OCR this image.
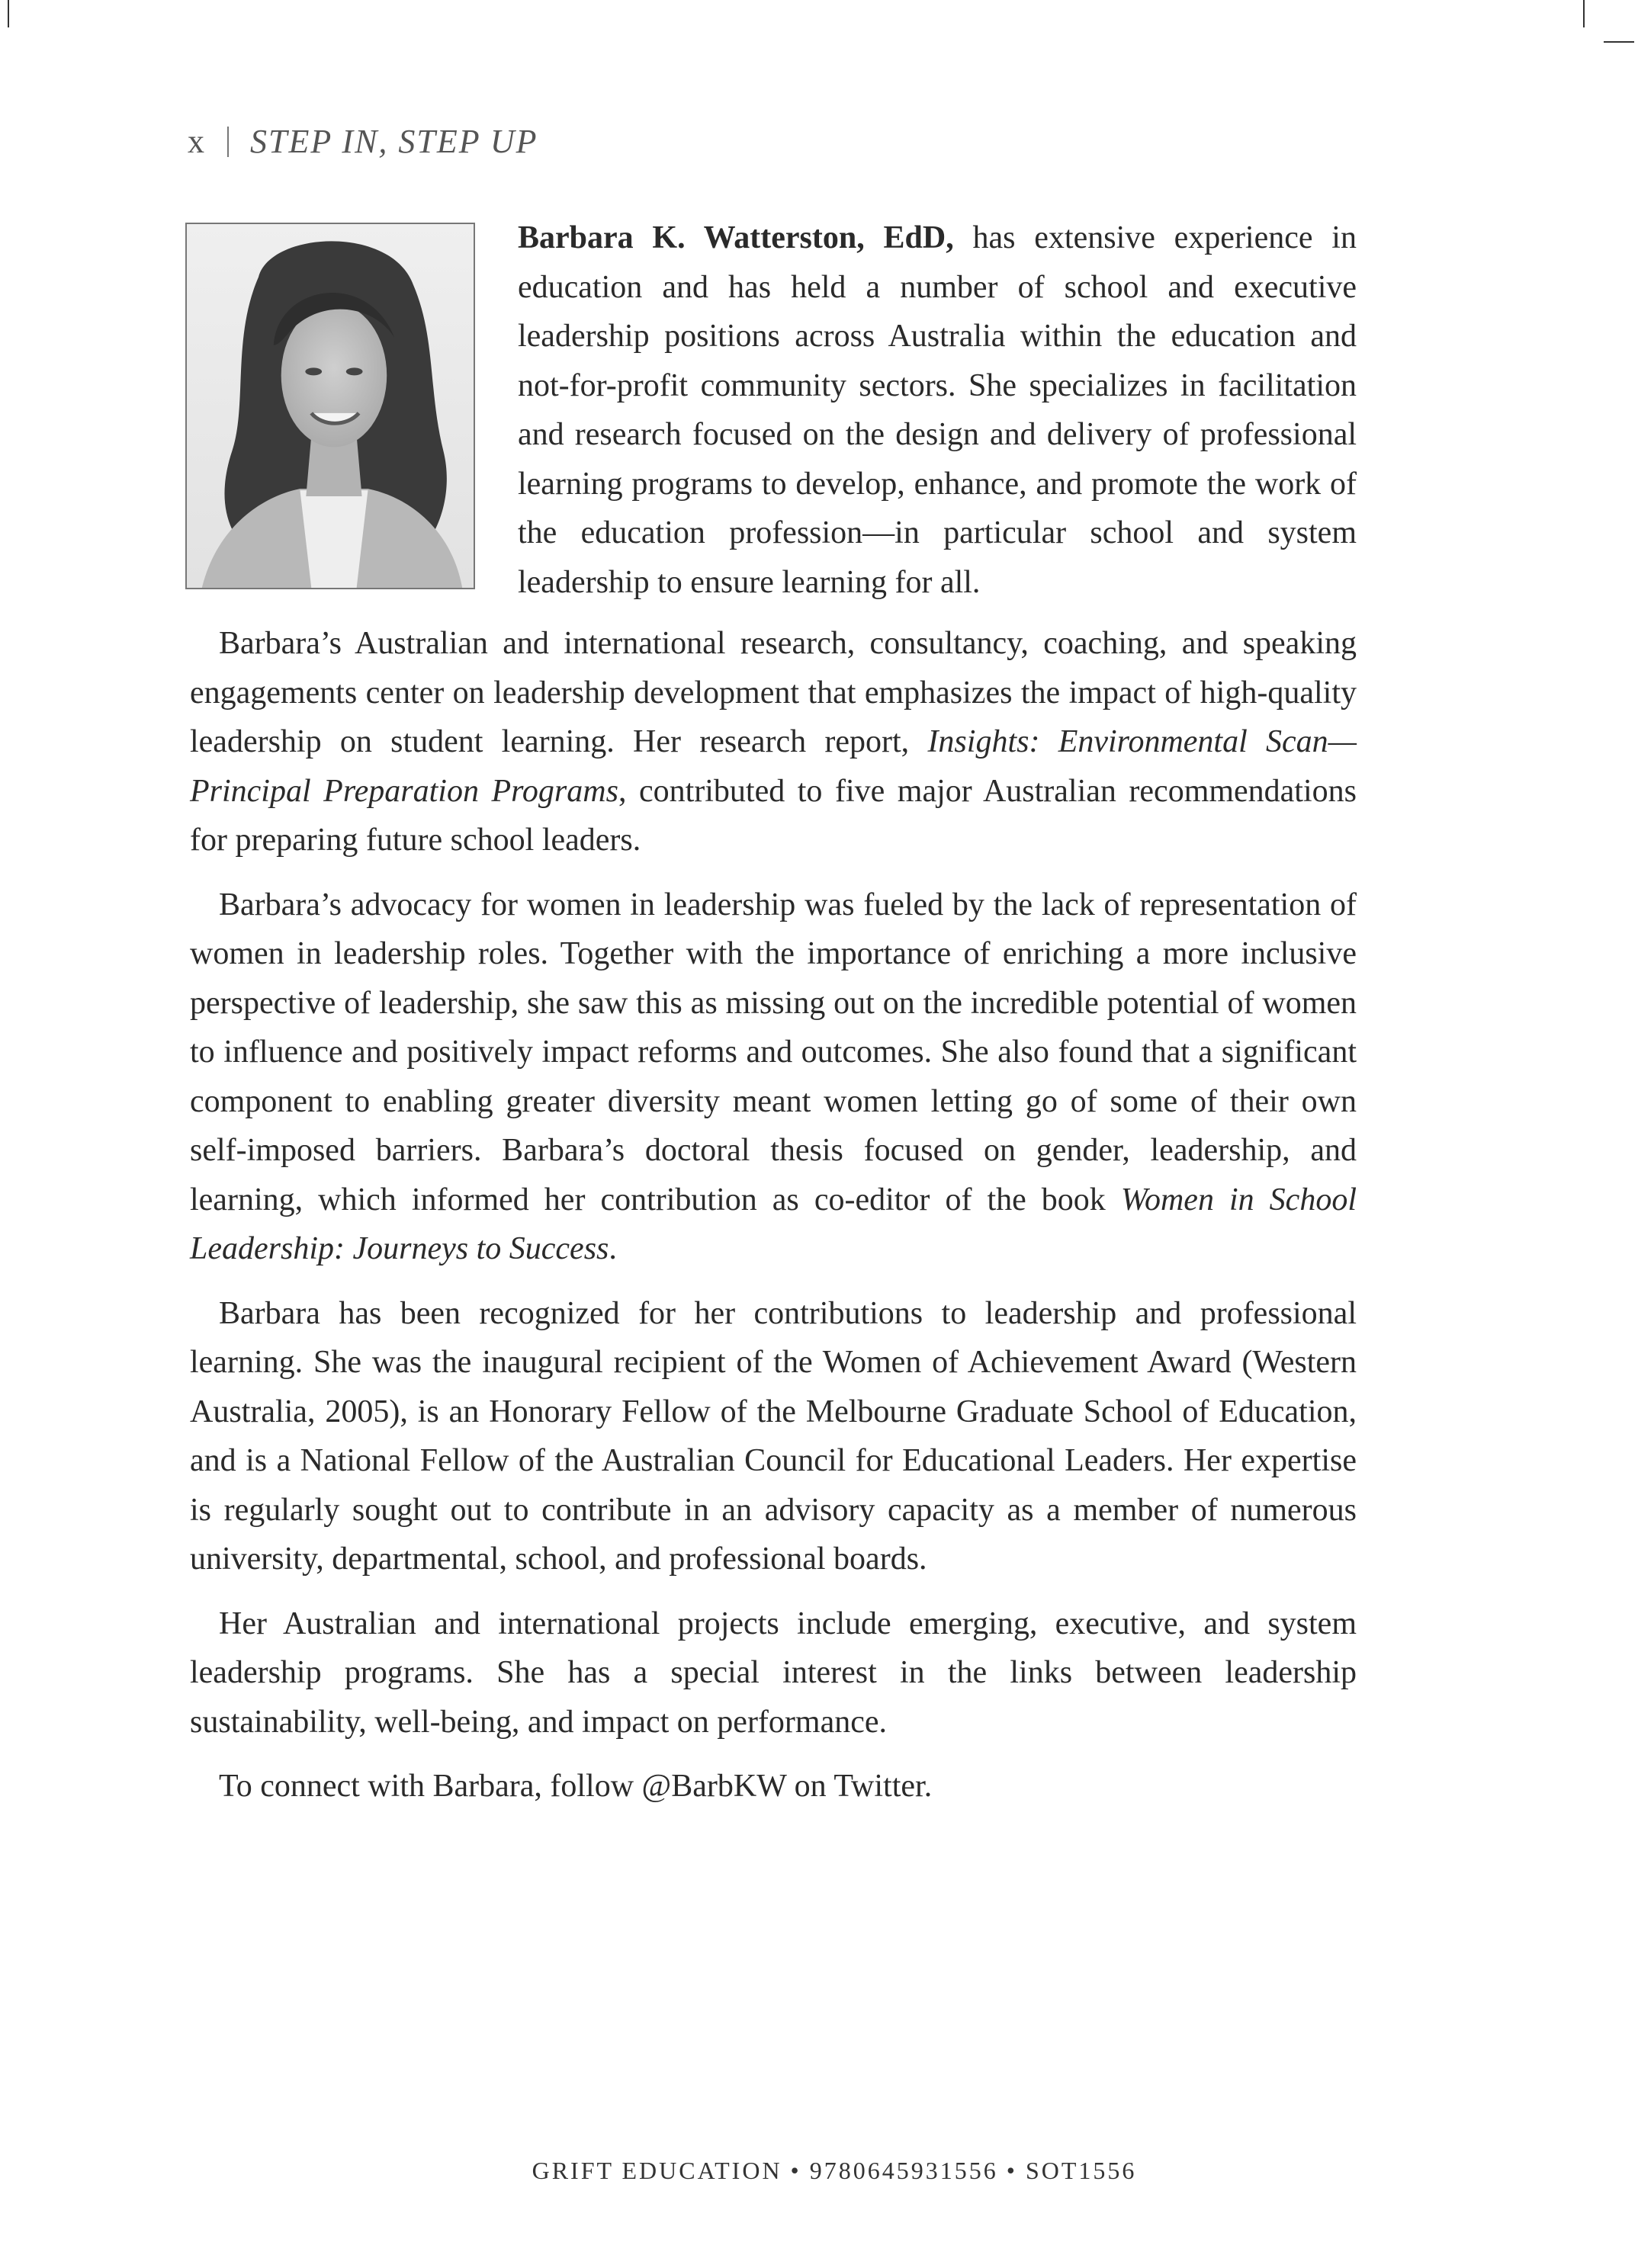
x STEP IN, STEP UP

Barbara K. Watterston, EdD, has extensive experience in education and has held a number of school and executive leadership positions across Australia within the education and not-for-profit community sectors. She specializes in facilitation and research focused on the design and delivery of professional learning programs to develop, enhance, and promote the work of the education profession—in particular school and system leadership to ensure learning for all.

Barbara’s Australian and international research, consultancy, coaching, and speaking engagements center on leadership development that emphasizes the impact of high-quality leadership on student learning. Her research report, Insights: Environmental Scan—Principal Preparation Programs, contributed to five major Australian recommendations for preparing future school leaders.

Barbara’s advocacy for women in leadership was fueled by the lack of representation of women in leadership roles. Together with the importance of enriching a more inclusive perspective of leadership, she saw this as missing out on the incredible potential of women to influence and positively impact reforms and outcomes. She also found that a significant component to enabling greater diversity meant women letting go of some of their own self-imposed barriers. Barbara’s doctoral thesis focused on gender, leadership, and learning, which informed her contribution as co-editor of the book Women in School Leadership: Journeys to Success.

Barbara has been recognized for her contributions to leadership and professional learning. She was the inaugural recipient of the Women of Achievement Award (Western Australia, 2005), is an Honorary Fellow of the Melbourne Graduate School of Education, and is a National Fellow of the Australian Council for Educational Leaders. Her expertise is regularly sought out to contribute in an advisory capacity as a member of numerous university, departmental, school, and professional boards.

Her Australian and international projects include emerging, executive, and system leadership programs. She has a special interest in the links between leadership sustainability, well-being, and impact on performance.

To connect with Barbara, follow @BarbKW on Twitter.

GRIFT EDUCATION • 9780645931556 • SOT1556
